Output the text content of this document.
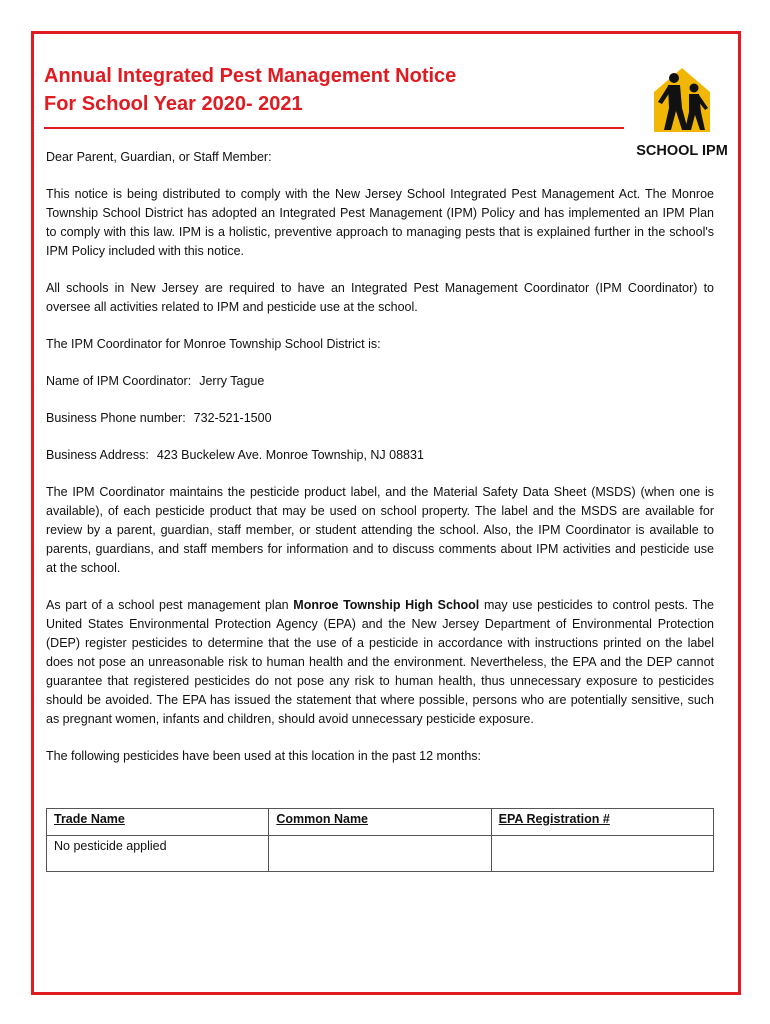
Annual Integrated Pest Management Notice
For School Year 2020- 2021
SCHOOL IPM

Dear Parent, Guardian, or Staff Member:

This notice is being distributed to comply with the New Jersey School Integrated Pest Management Act. The Monroe Township School District has adopted an Integrated Pest Management (IPM) Policy and has implemented an IPM Plan to comply with this law. IPM is a holistic, preventive approach to managing pests that is explained further in the school's IPM Policy included with this notice.

All schools in New Jersey are required to have an Integrated Pest Management Coordinator (IPM Coordinator) to oversee all activities related to IPM and pesticide use at the school.

The IPM Coordinator for Monroe Township School District is:

Name of IPM Coordinator: Jerry Tague

Business Phone number: 732-521-1500

Business Address: 423 Buckelew Ave. Monroe Township, NJ 08831

The IPM Coordinator maintains the pesticide product label, and the Material Safety Data Sheet (MSDS) (when one is available), of each pesticide product that may be used on school property. The label and the MSDS are available for review by a parent, guardian, staff member, or student attending the school. Also, the IPM Coordinator is available to parents, guardians, and staff members for information and to discuss comments about IPM activities and pesticide use at the school.

As part of a school pest management plan Monroe Township High School may use pesticides to control pests. The United States Environmental Protection Agency (EPA) and the New Jersey Department of Environmental Protection (DEP) register pesticides to determine that the use of a pesticide in accordance with instructions printed on the label does not pose an unreasonable risk to human health and the environment. Nevertheless, the EPA and the DEP cannot guarantee that registered pesticides do not pose any risk to human health, thus unnecessary exposure to pesticides should be avoided. The EPA has issued the statement that where possible, persons who are potentially sensitive, such as pregnant women, infants and children, should avoid unnecessary pesticide exposure.

The following pesticides have been used at this location in the past 12 months:

Trade Name	Common Name	EPA Registration #
No pesticide applied		
